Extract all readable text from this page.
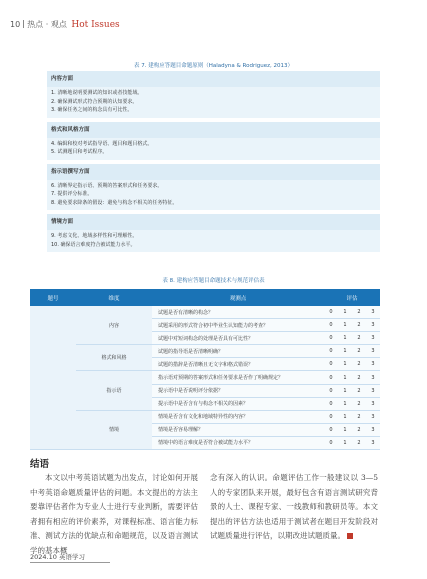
10 热点 · 观点 Hot Issues
表 7. 建构应答题目命题原则（Haladyna & Rodriguez, 2013）
内容方面
1. 清晰地说明要测试的知识或者技能域。
2. 确保测试形式符合预期的认知要求。
3. 确保任务之间的构念具有可比性。
格式和风格方面
4. 编辑和校对考试指导语、题目和题目格式。
5. 试测题目和考试程序。
指示语撰写方面
6. 清晰界定指示语、预期的答案形式和任务要求。
7. 提供评分标准。
8. 避免要求降条的假设：避免与构念不相关的任务特征。
情境方面
9. 考虑文化、地域多样性和可理解性。
10. 确保语言难度符合被试能力水平。
表 8. 建构应答题目命题技术与规范评估表
题号	维度	观测点	评估			
	内容	试题是否有清晰的构念？	0	1	2	3
		试题采用的形式符合初中毕业生认知能力的考查？	0	1	2	3
		试题中对短词构念的处理是否具有可比性？	0	1	2	3
	格式和风格	试题的指导语是否清晰明确？	0	1	2	3
		试题的措辞是否清晰且无文字和格式错误？	0	1	2	3
	指示语	指示语对预期的答案形式和任务要求是否作了明确规定？	0	1	2	3
		提示语中是否说明评分依据？	0	1	2	3
		提示语中是否含有与构念不相关的因素？	0	1	2	3
	情境	情境是否含有文化和地域特异性的内容？	0	1	2	3
		情境是否容易理解？	0	1	2	3
		情境中的语言难度是否符合被试能力水平？	0	1	2	3
结语

本文以中考英语试题为出发点，讨论如何开展中考英语命题质量评估的问题。本文提出的方法主要靠评估者作为专业人士进行专业判断，需要评估者拥有相应的评价素养，对课程标准、语言能力标准、测试方法的优缺点和命题规范，以及语言测试学的基本概

念有深入的认识。命题评估工作一般建议以 3—5 人的专家团队来开展，最好包含有语言测试研究背景的人士、课程专家、一线教师和教研员等。本文提出的评估方法也适用于测试者在题目开发阶段对试题质量进行评估，以期改进试题质量。

2024.10 英语学习
